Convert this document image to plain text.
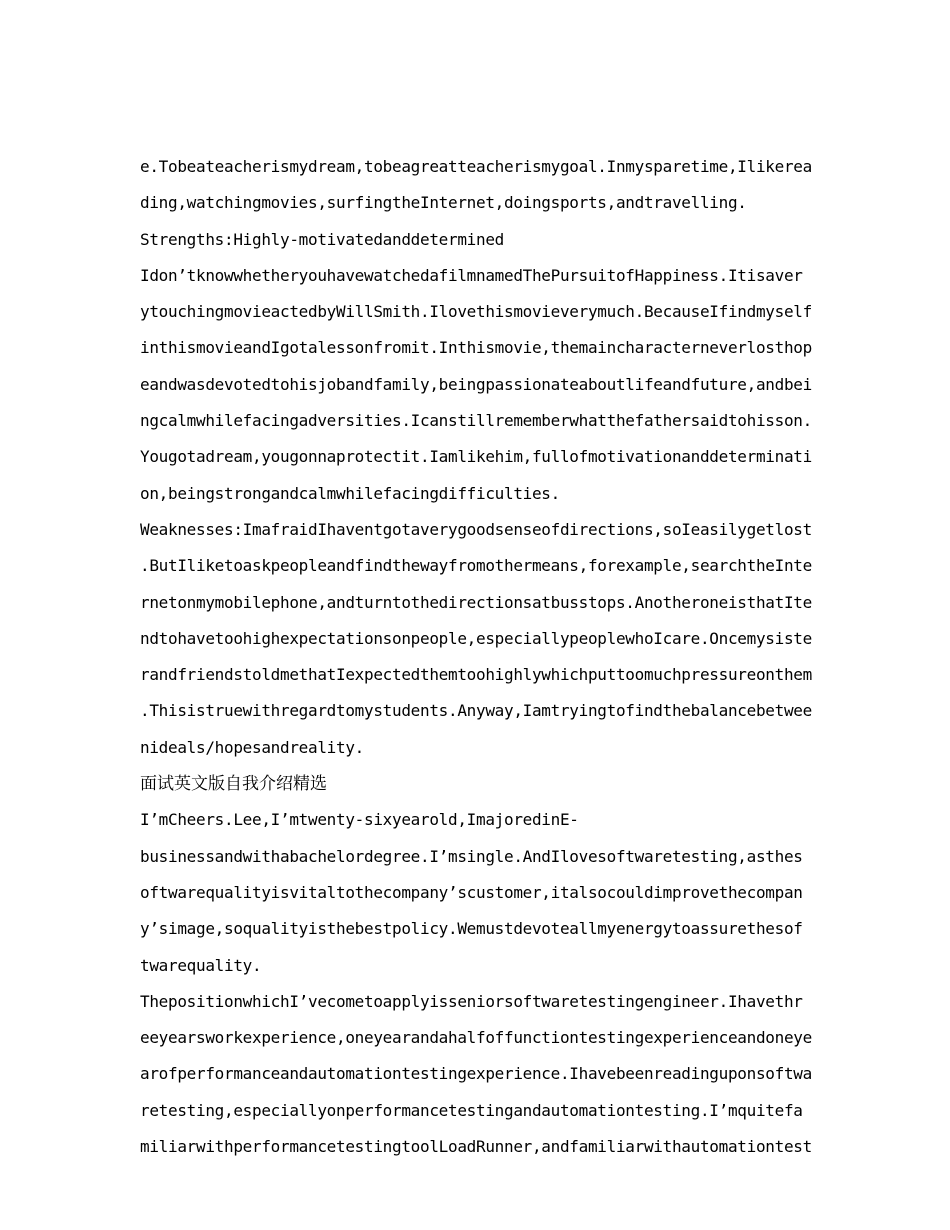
e.Tobeateacherismydream,tobeagreatteacherismygoal.Inmysparetime,Ilikerea
ding,watchingmovies,surfingtheInternet,doingsports,andtravelling.
Strengths:Highly-motivatedanddetermined
Idon’tknowwhetheryouhavewatchedafilmnamedThePursuitofHappiness.Itisaver
ytouchingmovieactedbyWillSmith.Ilovethismovieverymuch.BecauseIfindmyself
inthismovieandIgotalessonfromit.Inthismovie,themaincharacterneverlosthop
eandwasdevotedtohisjobandfamily,beingpassionateaboutlifeandfuture,andbei
ngcalmwhilefacingadversities.Icanstillrememberwhatthefathersaidtohisson.
Yougotadream,yougonnaprotectit.Iamlikehim,fullofmotivationanddeterminati
on,beingstrongandcalmwhilefacingdifficulties.
Weaknesses:ImafraidIhaventgotaverygoodsenseofdirections,soIeasilygetlost
.ButIliketoaskpeopleandfindthewayfromothermeans,forexample,searchtheInte
rnetonmymobilephone,andturntothedirectionsatbusstops.AnotheroneisthatIte
ndtohavetoohighexpectationsonpeople,especiallypeoplewhoIcare.Oncemysiste
randfriendstoldmethatIexpectedthemtoohighlywhichputtoomuchpressureonthem
.Thisistruewithregardtomystudents.Anyway,Iamtryingtofindthebalancebetwee
nideals/hopesandreality.
面试英文版自我介绍精选
I’mCheers.Lee,I’mtwenty-sixyearold,ImajoredinE-
businessandwithabachelordegree.I’msingle.AndIlovesoftwaretesting,asthes
oftwarequalityisvitaltothecompany’scustomer,italsocouldimprovethecompan
y’simage,soqualityisthebestpolicy.Wemustdevoteallmyenergytoassurethesof
twarequality.
ThepositionwhichI’vecometoapplyisseniorsoftwaretestingengineer.Ihavethr
eeyearsworkexperience,oneyearandahalfoffunctiontestingexperienceandoneye
arofperformanceandautomationtestingexperience.Ihavebeenreadinguponsoftwa
retesting,especiallyonperformancetestingandautomationtesting.I’mquitefa
miliarwithperformancetestingtoolLoadRunner,andfamiliarwithautomationtest
